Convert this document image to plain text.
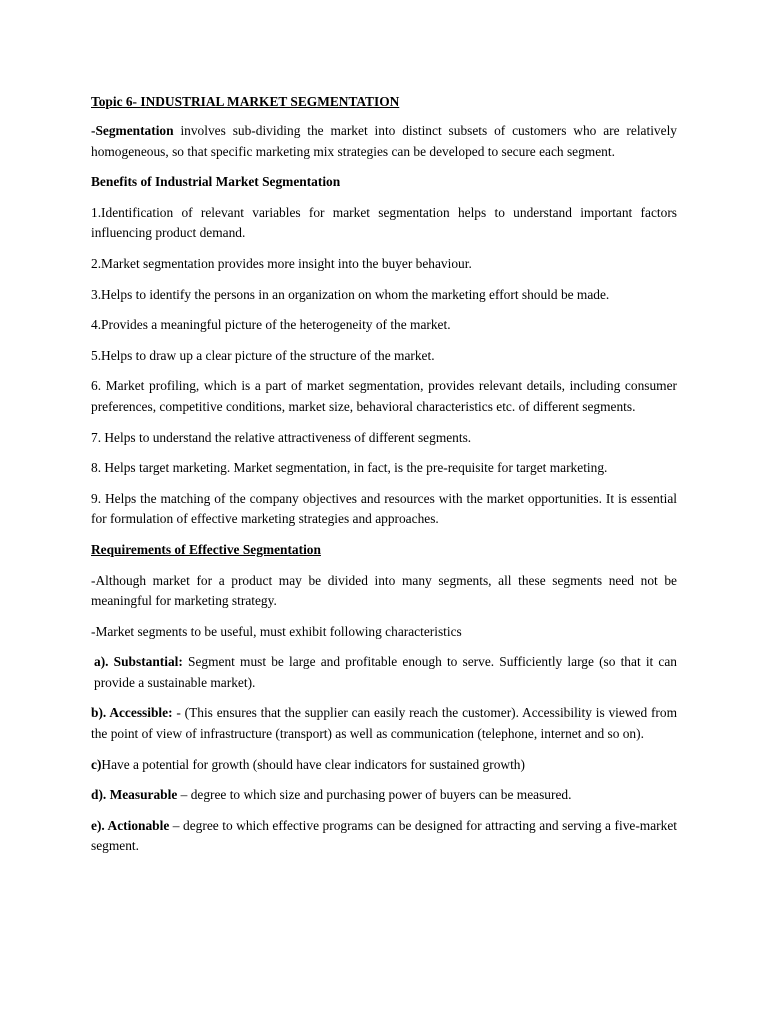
Topic 6- INDUSTRIAL MARKET SEGMENTATION

-Segmentation involves sub-dividing the market into distinct subsets of customers who are relatively homogeneous, so that specific marketing mix strategies can be developed to secure each segment.

Benefits of Industrial Market Segmentation

1.Identification of relevant variables for market segmentation helps to understand important factors influencing product demand.

2.Market segmentation provides more insight into the buyer behaviour.

3.Helps to identify the persons in an organization on whom the marketing effort should be made.

4.Provides a meaningful picture of the heterogeneity of the market.

5.Helps to draw up a clear picture of the structure of the market.

6. Market profiling, which is a part of market segmentation, provides relevant details, including consumer preferences, competitive conditions, market size, behavioral characteristics etc. of different segments.

7. Helps to understand the relative attractiveness of different segments.

8. Helps target marketing. Market segmentation, in fact, is the pre-requisite for target marketing.

9. Helps the matching of the company objectives and resources with the market opportunities. It is essential for formulation of effective marketing strategies and approaches.

Requirements of Effective Segmentation

-Although market for a product may be divided into many segments, all these segments need not be meaningful for marketing strategy.

-Market segments to be useful, must exhibit following characteristics

a). Substantial: Segment must be large and profitable enough to serve. Sufficiently large (so that it can provide a sustainable market).

b). Accessible: - (This ensures that the supplier can easily reach the customer). Accessibility is viewed from the point of view of infrastructure (transport) as well as communication (telephone, internet and so on).

c)Have a potential for growth (should have clear indicators for sustained growth)

d). Measurable – degree to which size and purchasing power of buyers can be measured.

e). Actionable – degree to which effective programs can be designed for attracting and serving a five-market segment.
